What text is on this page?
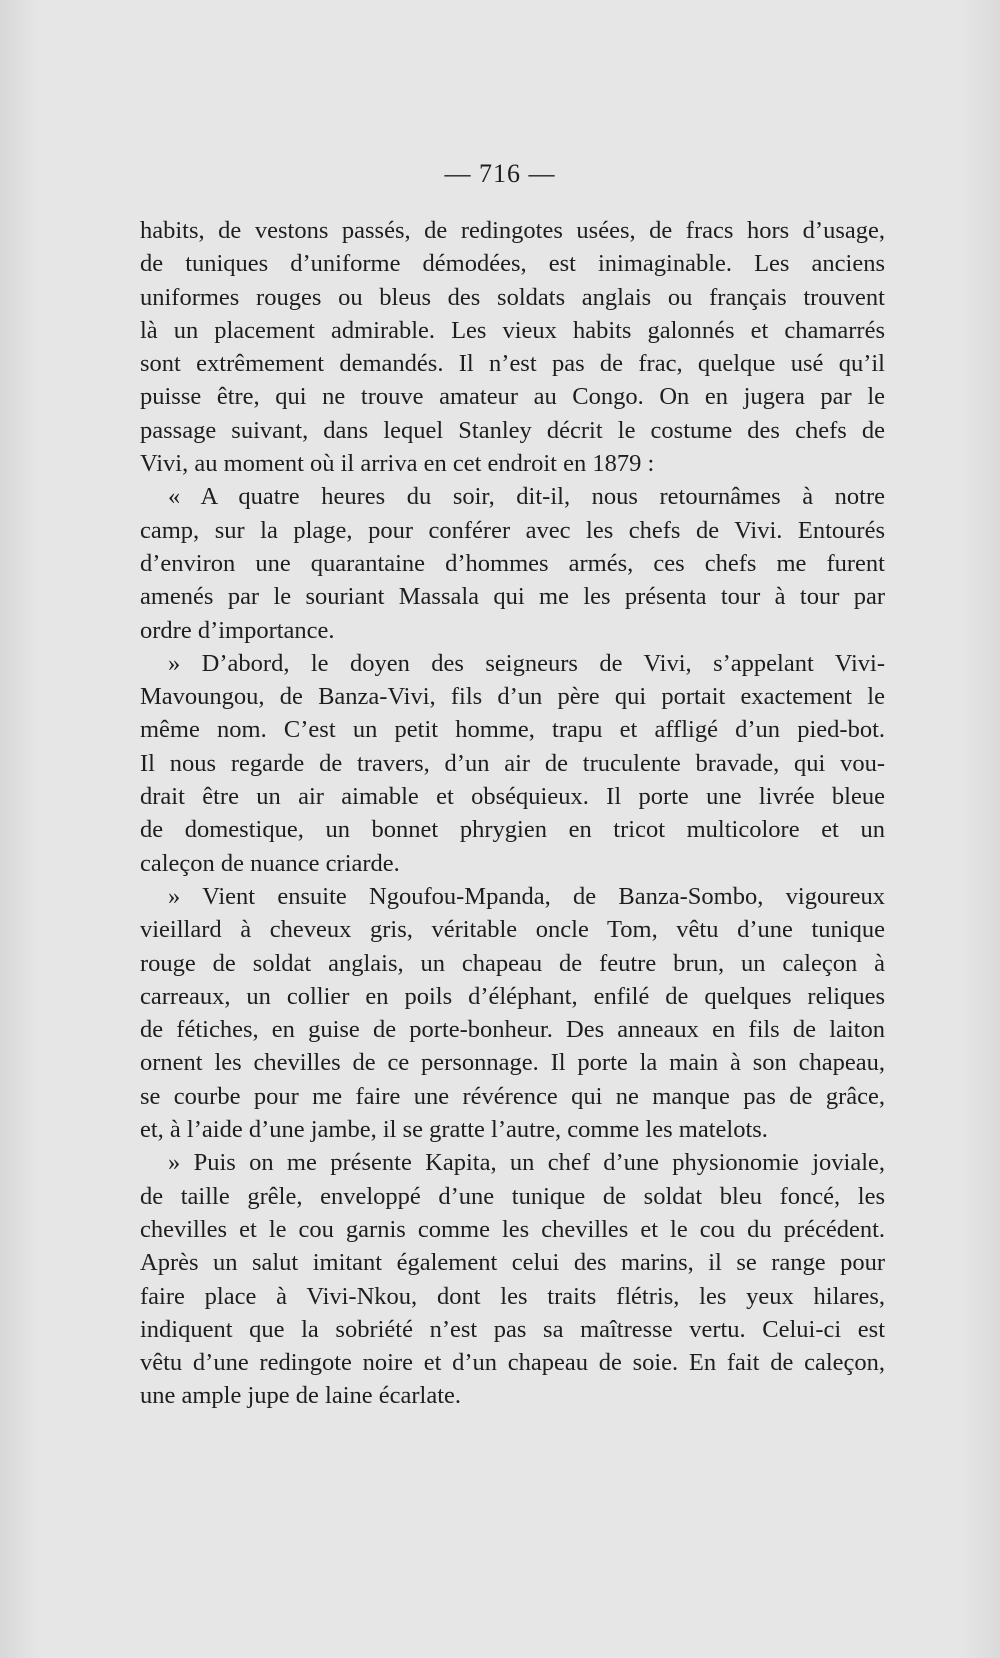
— 716 —
habits, de vestons passés, de redingotes usées, de fracs hors d’usage,
de tuniques d’uniforme démodées, est inimaginable. Les anciens
uniformes rouges ou bleus des soldats anglais ou français trouvent
là un placement admirable. Les vieux habits galonnés et chamarrés
sont extrêmement demandés. Il n’est pas de frac, quelque usé qu’il
puisse être, qui ne trouve amateur au Congo. On en jugera par le
passage suivant, dans lequel Stanley décrit le costume des chefs de
Vivi, au moment où il arriva en cet endroit en 1879 :
« A quatre heures du soir, dit-il, nous retournâmes à notre
camp, sur la plage, pour conférer avec les chefs de Vivi. Entourés
d’environ une quarantaine d’hommes armés, ces chefs me furent
amenés par le souriant Massala qui me les présenta tour à tour par
ordre d’importance.
» D’abord, le doyen des seigneurs de Vivi, s’appelant Vivi-
Mavoungou, de Banza-Vivi, fils d’un père qui portait exactement le
même nom. C’est un petit homme, trapu et affligé d’un pied-bot.
Il nous regarde de travers, d’un air de truculente bravade, qui vou-
drait être un air aimable et obséquieux. Il porte une livrée bleue
de domestique, un bonnet phrygien en tricot multicolore et un
caleçon de nuance criarde.
» Vient ensuite Ngoufou-Mpanda, de Banza-Sombo, vigoureux
vieillard à cheveux gris, véritable oncle Tom, vêtu d’une tunique
rouge de soldat anglais, un chapeau de feutre brun, un caleçon à
carreaux, un collier en poils d’éléphant, enfilé de quelques reliques
de fétiches, en guise de porte-bonheur. Des anneaux en fils de laiton
ornent les chevilles de ce personnage. Il porte la main à son chapeau,
se courbe pour me faire une révérence qui ne manque pas de grâce,
et, à l’aide d’une jambe, il se gratte l’autre, comme les matelots.
» Puis on me présente Kapita, un chef d’une physionomie joviale,
de taille grêle, enveloppé d’une tunique de soldat bleu foncé, les
chevilles et le cou garnis comme les chevilles et le cou du précédent.
Après un salut imitant également celui des marins, il se range pour
faire place à Vivi-Nkou, dont les traits flétris, les yeux hilares,
indiquent que la sobriété n’est pas sa maîtresse vertu. Celui-ci est
vêtu d’une redingote noire et d’un chapeau de soie. En fait de caleçon,
une ample jupe de laine écarlate.
